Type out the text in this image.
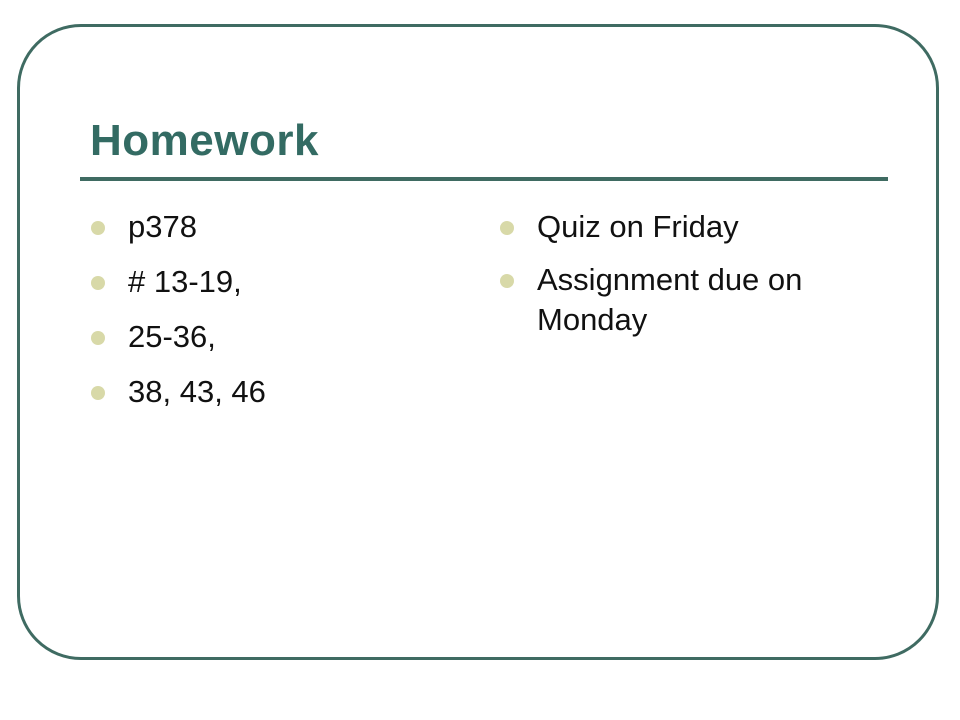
Homework
p378
# 13-19,
25-36,
38, 43, 46
Quiz on Friday
Assignment due on Monday
